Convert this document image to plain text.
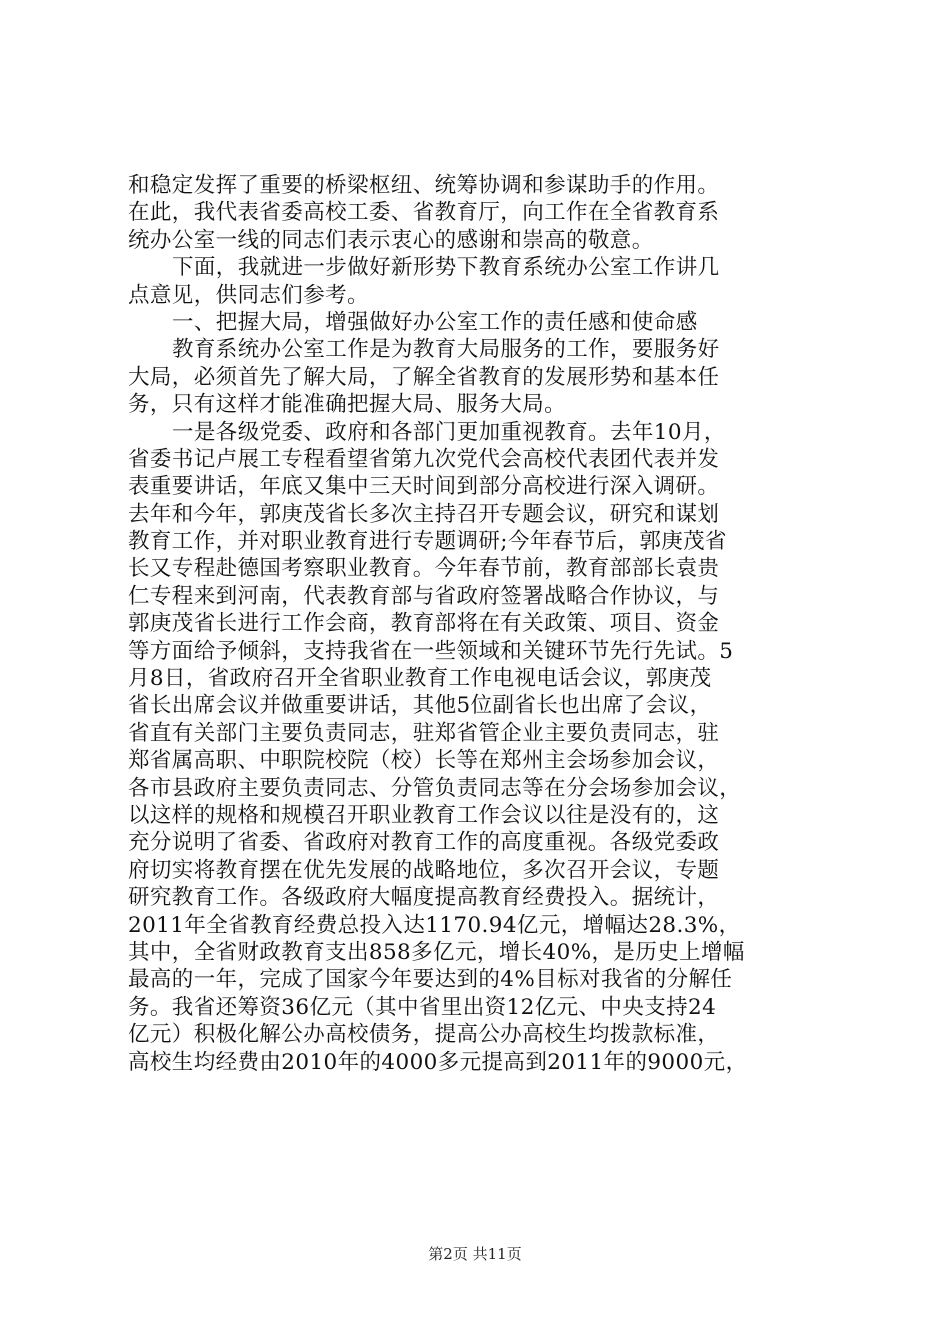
和稳定发挥了重要的桥梁枢纽、统筹协调和参谋助手的作用。
在此，我代表省委高校工委、省教育厅，向工作在全省教育系
统办公室一线的同志们表示衷心的感谢和崇高的敬意。
下面，我就进一步做好新形势下教育系统办公室工作讲几
点意见，供同志们参考。
一、把握大局，增强做好办公室工作的责任感和使命感
教育系统办公室工作是为教育大局服务的工作，要服务好
大局，必须首先了解大局，了解全省教育的发展形势和基本任
务，只有这样才能准确把握大局、服务大局。
一是各级党委、政府和各部门更加重视教育。去年10月，
省委书记卢展工专程看望省第九次党代会高校代表团代表并发
表重要讲话，年底又集中三天时间到部分高校进行深入调研。
去年和今年，郭庚茂省长多次主持召开专题会议，研究和谋划
教育工作，并对职业教育进行专题调研;今年春节后，郭庚茂省
长又专程赴德国考察职业教育。今年春节前，教育部部长袁贵
仁专程来到河南，代表教育部与省政府签署战略合作协议，与
郭庚茂省长进行工作会商，教育部将在有关政策、项目、资金
等方面给予倾斜，支持我省在一些领域和关键环节先行先试。5
月8日，省政府召开全省职业教育工作电视电话会议，郭庚茂
省长出席会议并做重要讲话，其他5位副省长也出席了会议，
省直有关部门主要负责同志，驻郑省管企业主要负责同志，驻
郑省属高职、中职院校院（校）长等在郑州主会场参加会议，
各市县政府主要负责同志、分管负责同志等在分会场参加会议，
以这样的规格和规模召开职业教育工作会议以往是没有的，这
充分说明了省委、省政府对教育工作的高度重视。各级党委政
府切实将教育摆在优先发展的战略地位，多次召开会议，专题
研究教育工作。各级政府大幅度提高教育经费投入。据统计，
2011年全省教育经费总投入达1170.94亿元，增幅达28.3%，
其中，全省财政教育支出858多亿元，增长40%，是历史上增幅
最高的一年，完成了国家今年要达到的4%目标对我省的分解任
务。我省还筹资36亿元（其中省里出资12亿元、中央支持24
亿元）积极化解公办高校债务，提高公办高校生均拨款标准，
高校生均经费由2010年的4000多元提高到2011年的9000元，
第2页 共11页
